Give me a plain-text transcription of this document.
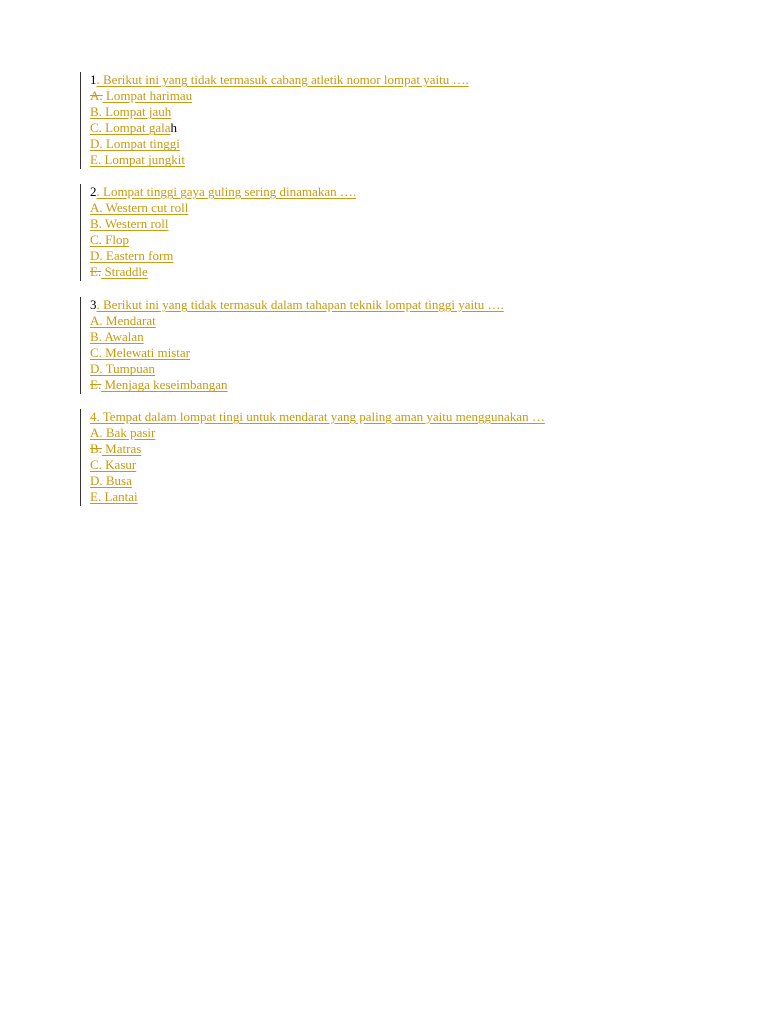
1. Berikut ini yang tidak termasuk cabang atletik nomor lompat yaitu ….
A. Lompat harimau
B. Lompat jauh
C. Lompat galah
D. Lompat tinggi
E. Lompat jungkit
2. Lompat tinggi gaya guling sering dinamakan ….
A. Western cut roll
B. Western roll
C. Flop
D. Eastern form
E. Straddle
3. Berikut ini yang tidak termasuk dalam tahapan teknik lompat tinggi yaitu ….
A. Mendarat
B. Awalan
C. Melewati mistar
D. Tumpuan
E. Menjaga keseimbangan
4. Tempat dalam lompat tingi untuk mendarat yang paling aman yaitu menggunakan …
A. Bak pasir
B. Matras
C. Kasur
D. Busa
E. Lantai
